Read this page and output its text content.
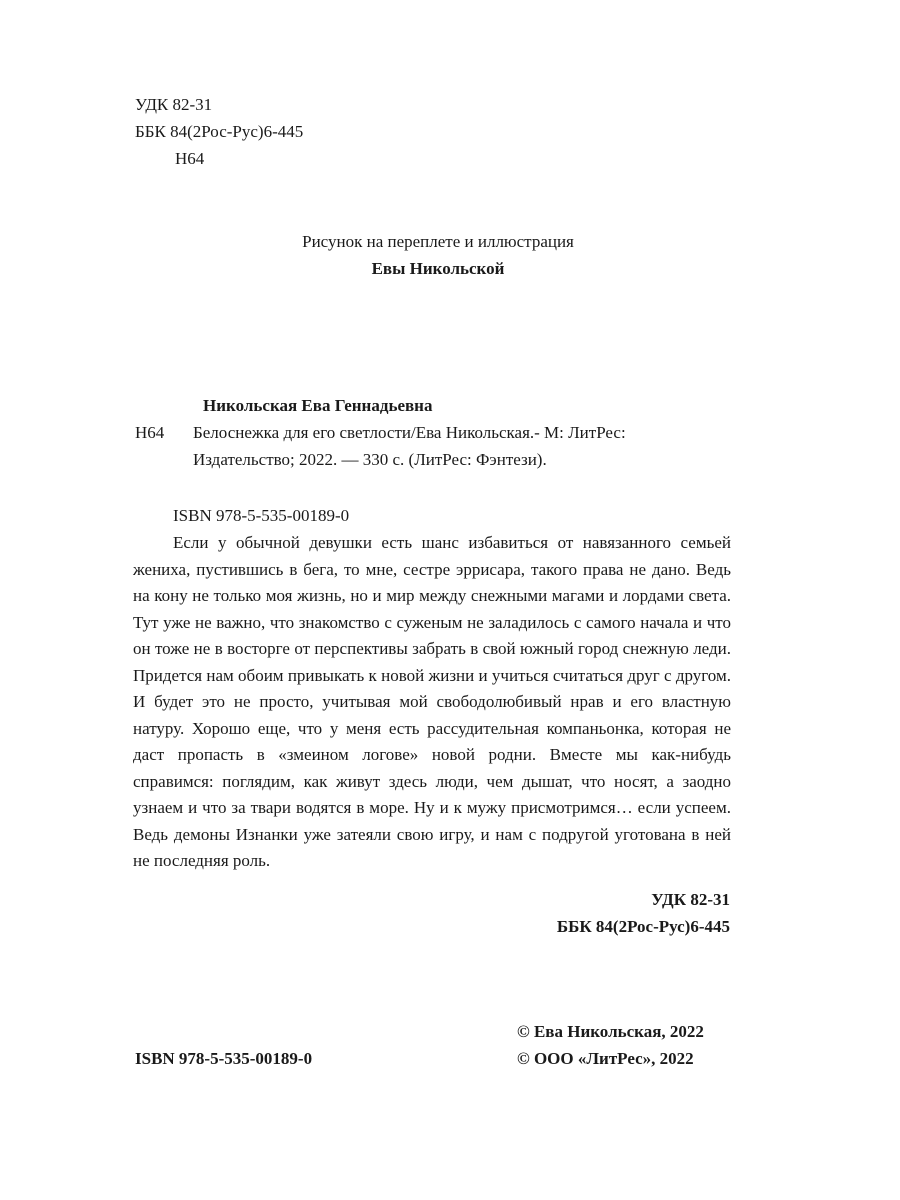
УДК 82-31
ББК 84(2Рос-Рус)6-445
Н64
Рисунок на переплете и иллюстрация
Евы Никольской
Никольская Ева Геннадьевна
Н64 Белоснежка для его светлости/Ева Никольская.- М: ЛитРес:
Издательство; 2022. — 330 с. (ЛитРес: Фэнтези).
ISBN 978-5-535-00189-0

Если у обычной девушки есть шанс избавиться от навязанного семьей жениха, пустившись в бега, то мне, сестре эррисара, такого права не дано. Ведь на кону не только моя жизнь, но и мир между снежными магами и лордами света. Тут уже не важно, что знакомство с суженым не заладилось с самого начала и что он тоже не в восторге от перспективы забрать в свой южный город снежную леди. Придется нам обоим привыкать к новой жизни и учиться считаться друг с другом. И будет это не просто, учитывая мой свободолюбивый нрав и его властную натуру. Хорошо еще, что у меня есть рассудительная компаньонка, которая не даст пропасть в «змеином логове» новой родни. Вместе мы как-нибудь справимся: поглядим, как живут здесь люди, чем дышат, что носят, а заодно узнаем и что за твари водятся в море. Ну и к мужу присмотримся… если успеем. Ведь демоны Изнанки уже затеяли свою игру, и нам с подругой уготована в ней не последняя роль.

УДК 82-31
ББК 84(2Рос-Рус)6-445
© Ева Никольская, 2022
ISBN 978-5-535-00189-0	© ООО «ЛитРес», 2022
